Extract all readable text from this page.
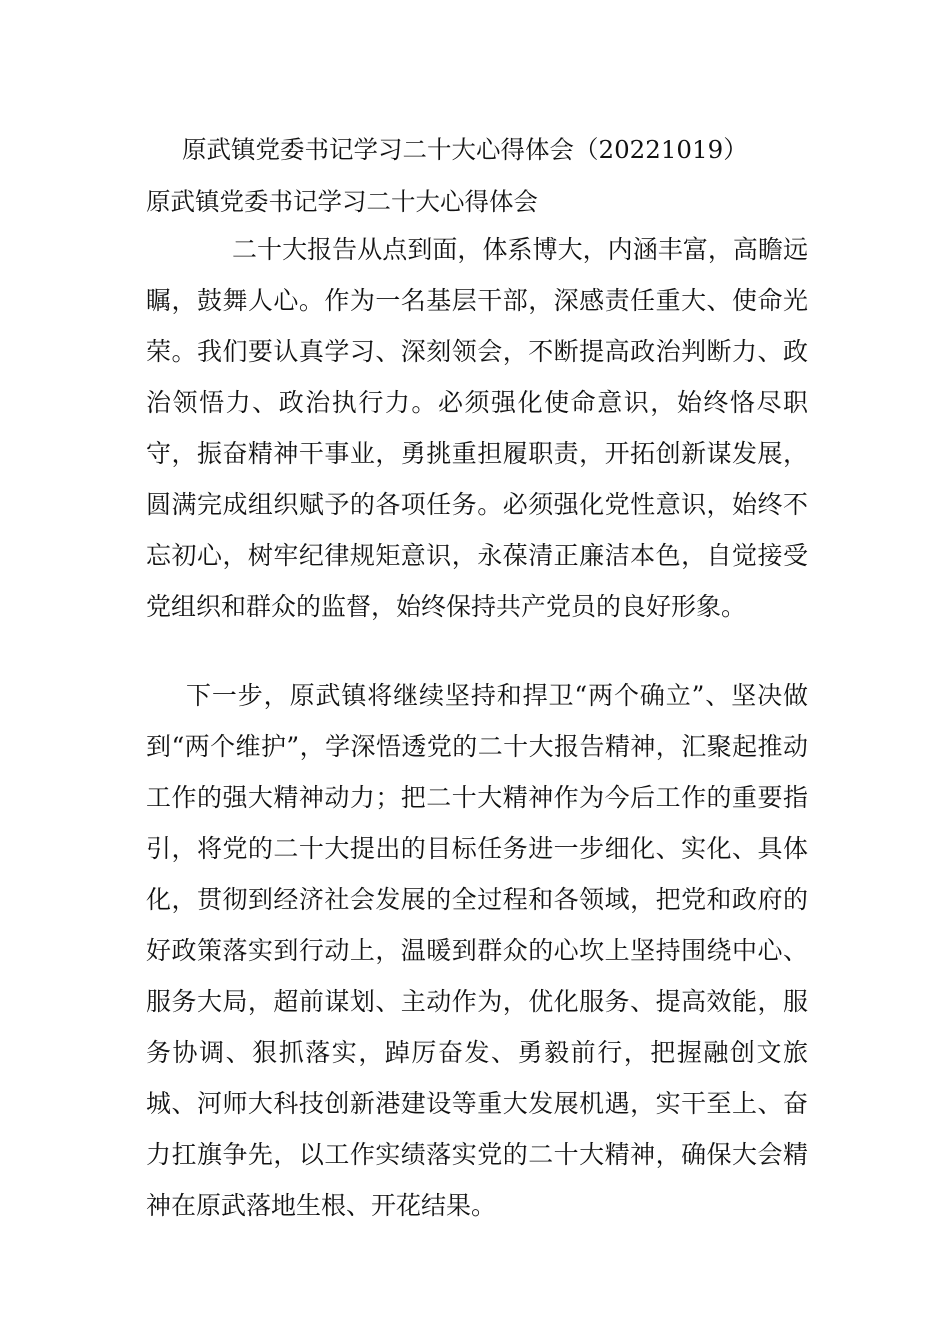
原武镇党委书记学习二十大心得体会（20221019）
原武镇党委书记学习二十大心得体会

二十大报告从点到面，体系博大，内涵丰富，高瞻远瞩，鼓舞人心。作为一名基层干部，深感责任重大、使命光荣。我们要认真学习、深刻领会，不断提高政治判断力、政治领悟力、政治执行力。必须强化使命意识，始终恪尽职守，振奋精神干事业，勇挑重担履职责，开拓创新谋发展，圆满完成组织赋予的各项任务。必须强化党性意识，始终不忘初心，树牢纪律规矩意识，永葆清正廉洁本色，自觉接受党组织和群众的监督，始终保持共产党员的良好形象。

下一步，原武镇将继续坚持和捍卫“两个确立”、坚决做到“两个维护”，学深悟透党的二十大报告精神，汇聚起推动工作的强大精神动力；把二十大精神作为今后工作的重要指引，将党的二十大提出的目标任务进一步细化、实化、具体化，贯彻到经济社会发展的全过程和各领域，把党和政府的好政策落实到行动上，温暖到群众的心坎上坚持围绕中心、服务大局，超前谋划、主动作为，优化服务、提高效能，服务协调、狠抓落实，踔厉奋发、勇毅前行，把握融创文旅城、河师大科技创新港建设等重大发展机遇，实干至上、奋力扛旗争先，以工作实绩落实党的二十大精神，确保大会精神在原武落地生根、开花结果。
